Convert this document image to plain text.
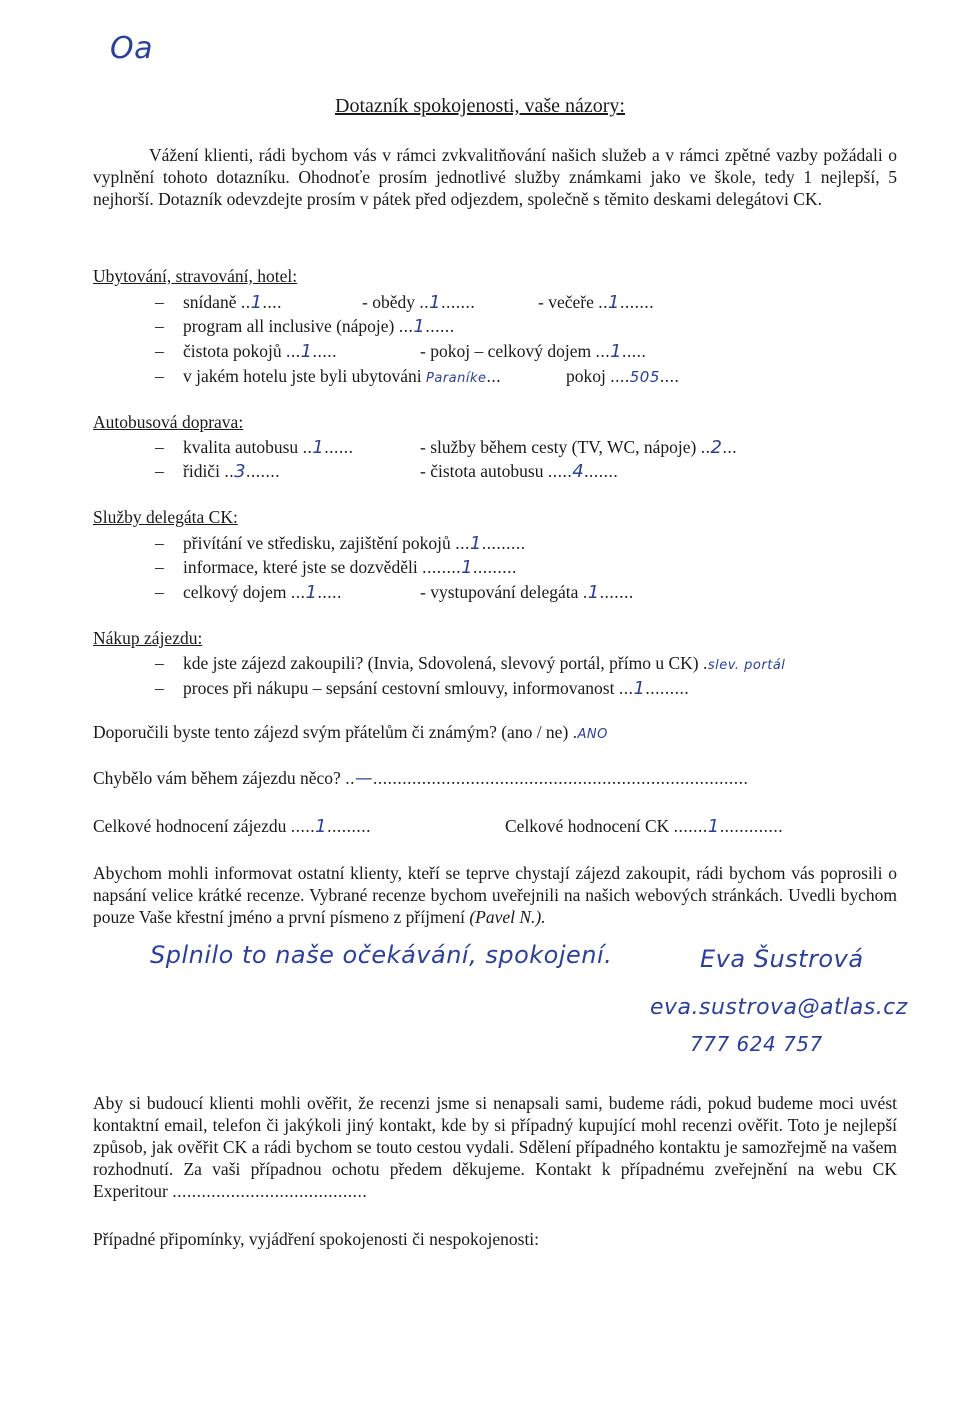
Oa
Dotazník spokojenosti, vaše názory:
Vážení klienti, rádi bychom vás v rámci zvkvalitňování našich služeb a v rámci zpětné vazby požádali o vyplnění tohoto dotazníku. Ohodnoťe prosím jednotlivé služby známkami jako ve škole, tedy 1 nejlepší, 5 nejhorší. Dotazník odevzdejte prosím v pátek před odjezdem, společně s těmito deskami delegátovi CK.
Ubytování, stravování, hotel:
– snídaně ..1....	- obědy ..1.......	- večeře ..1.......
– program all inclusive (nápoje) ...1......
– čistota pokojů ...1.....	- pokoj – celkový dojem ...1.....
– v jakém hotelu jste byli ubytováni Paraníke...	pokoj ....505....
Autobusová doprava:
– kvalita autobusu ..1......	- služby během cesty (TV, WC, nápoje) ..2...
– řidiči ..3.......	- čistota autobusu .....4.......
Služby delegáta CK:
– přivítání ve středisku, zajištění pokojů ...1.........
– informace, které jste se dozvěděli ........1.........
– celkový dojem ...1.....	- vystupování delegáta .1.......
Nákup zájezdu:
– kde jste zájezd zakoupili? (Invia, Sdovolená, slevový portál, přímo u CK) .slev. portál
– proces při nákupu – sepsání cestovní smlouvy, informovanost ...1.........
Doporučili byste tento zájezd svým přátelům či známým? (ano / ne) .ANO
Chybělo vám během zájezdu něco? ..—.............................................................................
Celkové hodnocení zájezdu .....1.........	Celkové hodnocení CK .......1.............
Abychom mohli informovat ostatní klienty, kteří se teprve chystají zájezd zakoupit, rádi bychom vás poprosili o napsání velice krátké recenze. Vybrané recenze bychom uveřejnili na našich webových stránkách. Uvedli bychom pouze Vaše křestní jméno a první písmeno z příjmení (Pavel N.).
Splnilo to naše očekávání, spokojení.	Eva Šustrová
eva.sustrova@atlas.cz
777 624 757
Aby si budoucí klienti mohli ověřit, že recenzi jsme si nenapsali sami, budeme rádi, pokud budeme moci uvést kontaktní email, telefon či jakýkoli jiný kontakt, kde by si případný kupující mohl recenzi ověřit. Toto je nejlepší způsob, jak ověřit CK a rádi bychom se touto cestou vydali. Sdělení případného kontaktu je samozřejmě na vašem rozhodnutí. Za vaši případnou ochotu předem děkujeme. Kontakt k případnému zveřejnění na webu CK Experitour ........................................
Případné připomínky, vyjádření spokojenosti či nespokojenosti:
